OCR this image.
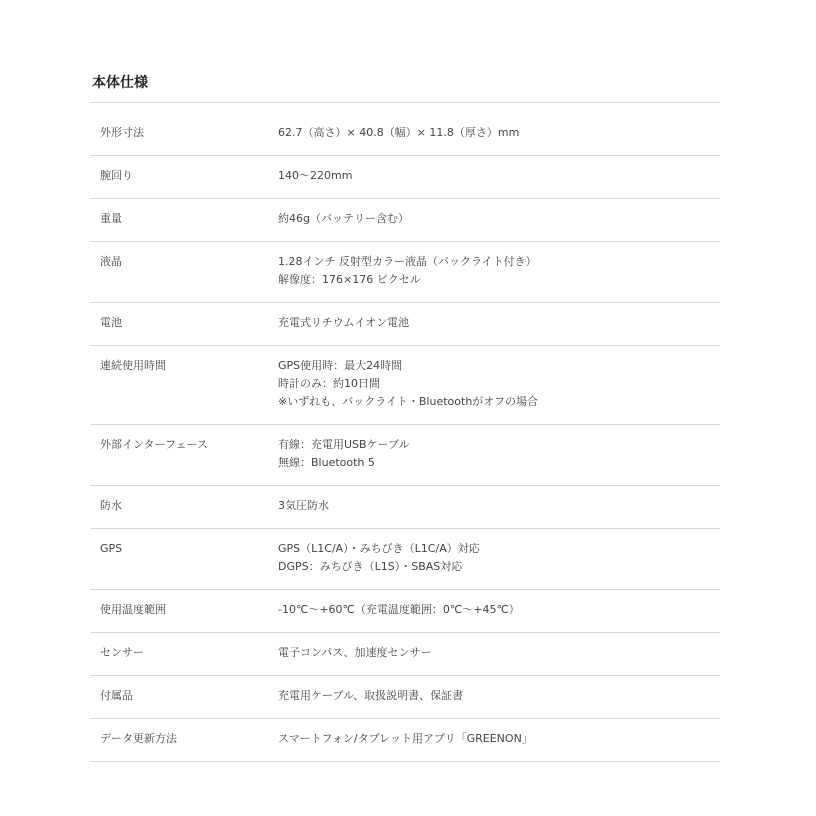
本体仕様
外形寸法	62.7（高さ）× 40.8（幅）× 11.8（厚さ）mm

腕回り	140〜220mm

重量	約46g（バッテリー含む）

液晶	1.28インチ 反射型カラー液晶（バックライト付き）
解像度：176×176 ピクセル

電池	充電式リチウムイオン電池

連続使用時間	GPS使用時：最大24時間
時計のみ：約10日間
※いずれも、バックライト・Bluetoothがオフの場合

外部インターフェース	有線：充電用USBケーブル
無線：Bluetooth 5

防水	3気圧防水

GPS	GPS（L1C/A）・みちびき（L1C/A）対応
DGPS：みちびき（L1S）・SBAS対応

使用温度範囲	-10℃〜+60℃（充電温度範囲：0℃〜+45℃）

センサー	電子コンパス、加速度センサー

付属品	充電用ケーブル、取扱説明書、保証書

データ更新方法	スマートフォン/タブレット用アプリ「GREENON」
